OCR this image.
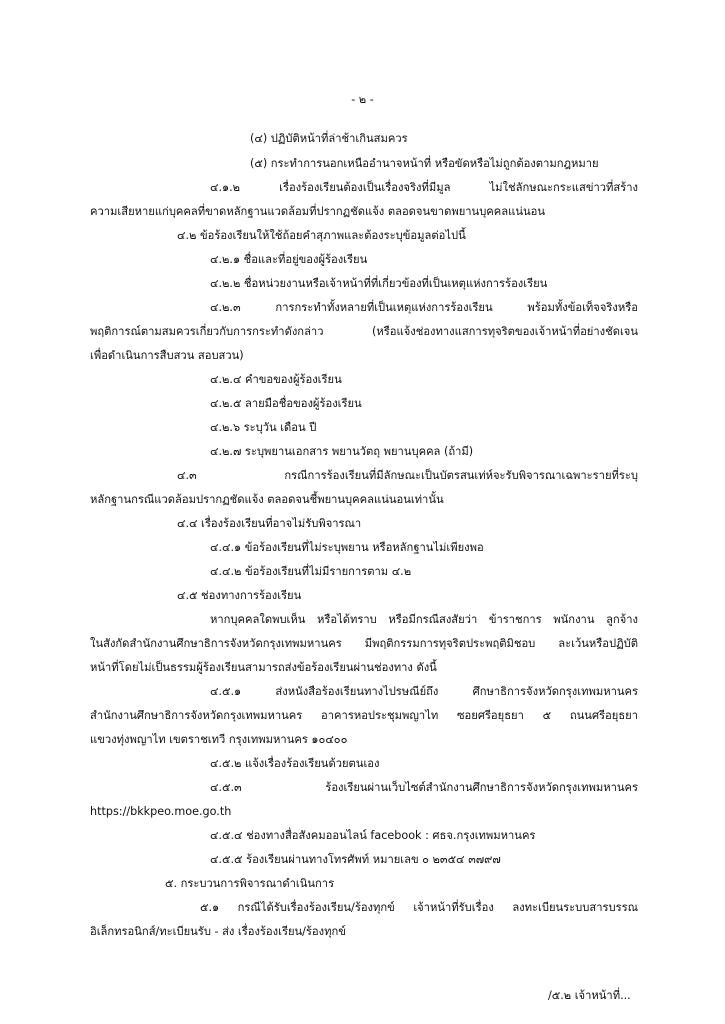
- ๒ -
(๔) ปฏิบัติหน้าที่ล่าช้าเกินสมควร
(๕) กระทำการนอกเหนืออำนาจหน้าที่ หรือขัดหรือไม่ถูกต้องตามกฎหมาย
๔.๑.๒ เรื่องร้องเรียนต้องเป็นเรื่องจริงที่มีมูล ไม่ใช่ลักษณะกระแสข่าวที่สร้าง
ความเสียหายแก่บุคคลที่ขาดหลักฐานแวดล้อมที่ปรากฏชัดแจ้ง ตลอดจนขาดพยานบุคคลแน่นอน
๔.๒ ข้อร้องเรียนให้ใช้ถ้อยคำสุภาพและต้องระบุข้อมูลต่อไปนี้
๔.๒.๑ ชื่อและที่อยู่ของผู้ร้องเรียน
๔.๒.๒ ชื่อหน่วยงานหรือเจ้าหน้าที่ที่เกี่ยวข้องที่เป็นเหตุแห่งการร้องเรียน
๔.๒.๓ การกระทำทั้งหลายที่เป็นเหตุแห่งการร้องเรียน พร้อมทั้งข้อเท็จจริงหรือ
พฤติการณ์ตามสมควรเกี่ยวกับการกระทำดังกล่าว (หรือแจ้งช่องทางแสการทุจริตของเจ้าหน้าที่อย่างชัดเจน
เพื่อดำเนินการสืบสวน สอบสวน)
๔.๒.๔ คำขอของผู้ร้องเรียน
๔.๒.๕ ลายมือชื่อของผู้ร้องเรียน
๔.๒.๖ ระบุวัน เดือน ปี
๔.๒.๗ ระบุพยานเอกสาร พยานวัตถุ พยานบุคคล (ถ้ามี)
๔.๓ กรณีการร้องเรียนที่มีลักษณะเป็นบัตรสนเท่ห์จะรับพิจารณาเฉพาะรายที่ระบุ
หลักฐานกรณีแวดล้อมปรากฏชัดแจ้ง ตลอดจนชี้พยานบุคคลแน่นอนเท่านั้น
๔.๔ เรื่องร้องเรียนที่อาจไม่รับพิจารณา
๔.๔.๑ ข้อร้องเรียนที่ไม่ระบุพยาน หรือหลักฐานไม่เพียงพอ
๔.๔.๒ ข้อร้องเรียนที่ไม่มีรายการตาม ๔.๒
๔.๕ ช่องทางการร้องเรียน
หากบุคคลใดพบเห็น หรือได้ทราบ หรือมีกรณีสงสัยว่า ข้าราชการ พนักงาน ลูกจ้าง
ในสังกัดสำนักงานศึกษาธิการจังหวัดกรุงเทพมหานคร มีพฤติกรรมการทุจริตประพฤติมิชอบ ละเว้นหรือปฏิบัติ
หน้าที่โดยไม่เป็นธรรมผู้ร้องเรียนสามารถส่งข้อร้องเรียนผ่านช่องทาง ดังนี้
๔.๕.๑ ส่งหนังสือร้องเรียนทางไปรษณีย์ถึง ศึกษาธิการจังหวัดกรุงเทพมหานคร
สำนักงานศึกษาธิการจังหวัดกรุงเทพมหานคร อาคารหอประชุมพญาไท ซอยศรีอยุธยา ๕ ถนนศรีอยุธยา
แขวงทุ่งพญาไท เขตราชเทวี กรุงเทพมหานคร ๑๐๔๐๐
๔.๕.๒ แจ้งเรื่องร้องเรียนด้วยตนเอง
๔.๕.๓ ร้องเรียนผ่านเว็บไซต์สำนักงานศึกษาธิการจังหวัดกรุงเทพมหานคร
https://bkkpeo.moe.go.th
๔.๕.๔ ช่องทางสื่อสังคมออนไลน์ facebook : ศธจ.กรุงเทพมหานคร
๔.๕.๕ ร้องเรียนผ่านทางโทรศัพท์ หมายเลข ๐ ๒๓๕๔ ๓๗๙๗
๕. กระบวนการพิจารณาดำเนินการ
๕.๑ กรณีได้รับเรื่องร้องเรียน/ร้องทุกข์ เจ้าหน้าที่รับเรื่อง ลงทะเบียนระบบสารบรรณ
อิเล็กทรอนิกส์/ทะเบียนรับ - ส่ง เรื่องร้องเรียน/ร้องทุกข์
/๕.๒ เจ้าหน้าที่...
